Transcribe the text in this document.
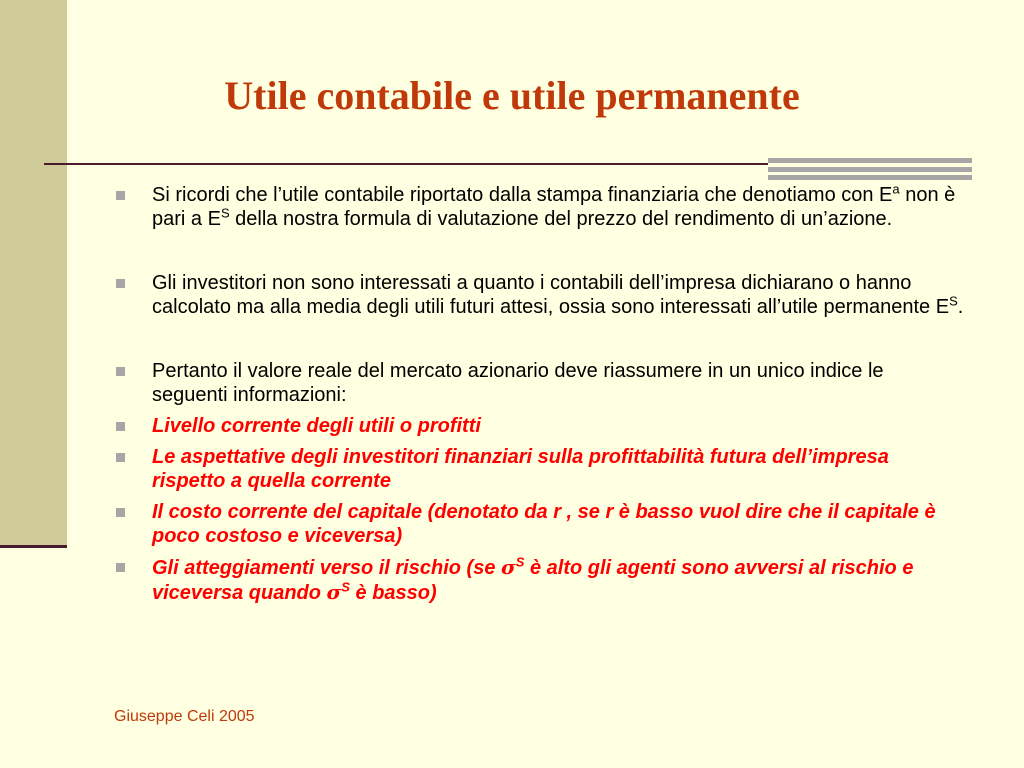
Utile contabile e utile permanente
Si ricordi che l’utile contabile riportato dalla stampa finanziaria che denotiamo con $E^a$ non è pari a $E^S$ della nostra formula di valutazione del prezzo del rendimento di un’azione.
Gli investitori non sono interessati a quanto i contabili dell’impresa dichiarano o hanno calcolato ma alla media degli utili futuri attesi, ossia sono interessati all’utile permanente $E^S$.
Pertanto il valore reale del mercato azionario deve riassumere in un unico indice le seguenti informazioni:
Livello corrente degli utili o profitti
Le aspettative degli investitori finanziari sulla profittabilità futura dell’impresa rispetto a quella corrente
Il costo corrente del capitale (denotato da r , se r è basso vuol dire che il capitale è poco costoso e viceversa)
Gli atteggiamenti verso il rischio (se $\sigma^S$ è alto gli agenti sono avversi al rischio e viceversa quando $\sigma^S$ è basso)
Giuseppe Celi 2005
